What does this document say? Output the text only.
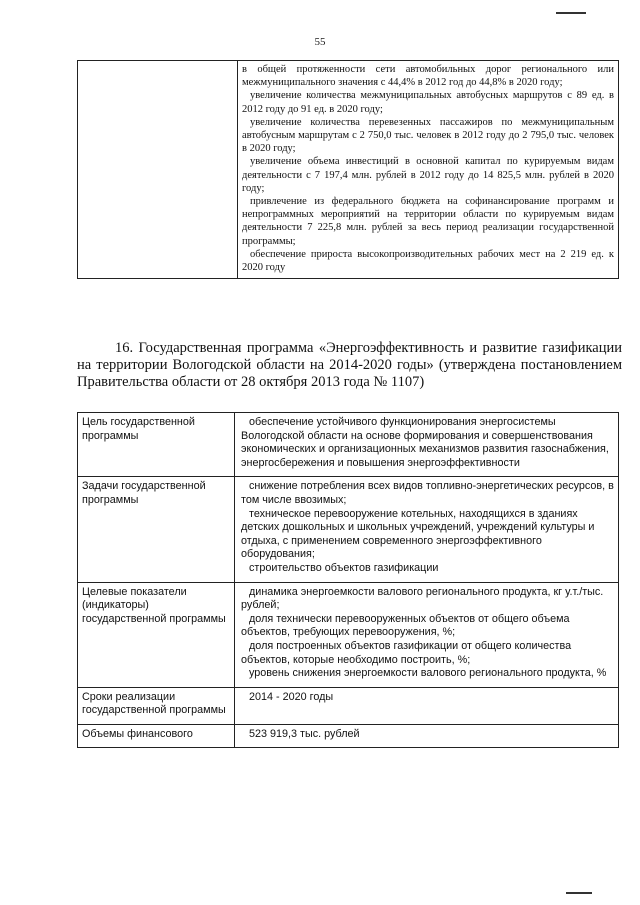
55

в общей протяженности сети автомобильных дорог регионального или межмуниципального значения с 44,4% в 2012 год до 44,8% в 2020 году;

увеличение количества межмуниципальных автобусных маршрутов с 89 ед. в 2012 году до 91 ед. в 2020 году;

увеличение количества перевезенных пассажиров по межмуниципальным автобусным маршрутам с 2 750,0 тыс. человек в 2012 году до 2 795,0 тыс. человек в 2020 году;

увеличение объема инвестиций в основной капитал по курируемым видам деятельности с 7 197,4 млн. рублей в 2012 году до 14 825,5 млн. рублей в 2020 году;

привлечение из федерального бюджета на софинансирование программ и непрограммных мероприятий на территории области по курируемым видам деятельности 7 225,8 млн. рублей за весь период реализации государственной программы;

обеспечение прироста высокопроизводительных рабочих мест на 2 219 ед. к 2020 году

16. Государственная программа «Энергоэффективность и развитие газификации на территории Вологодской области на 2014-2020 годы» (утверждена постановлением Правительства области от 28 октября 2013 года № 1107)
Цель государственной программы	обеспечение устойчивого функционирования энергосистемы Вологодской области на основе формирования и совершенствования экономических и организационных механизмов развития газоснабжения, энергосбережения и повышения энергоэффективности

Задачи государственной программы	снижение потребления всех видов топливно-энергетических ресурсов, в том числе ввозимых;

техническое перевооружение котельных, находящихся в зданиях детских дошкольных и школьных учреждений, учреждений культуры и отдыха, с применением современного энергоэффективного оборудования;

строительство объектов газификации

Целевые показатели (индикаторы) государственной программы	динамика энергоемкости валового регионального продукта, кг у.т./тыс. рублей;

доля технически перевооруженных объектов от общего объема объектов, требующих перевооружения, %;

доля построенных объектов газификации от общего количества объектов, которые необходимо построить, %;

уровень снижения энергоемкости валового регионального продукта, %

Сроки реализации государственной программы	2014 - 2020 годы

Объемы финансового	523 919,3 тыс. рублей
